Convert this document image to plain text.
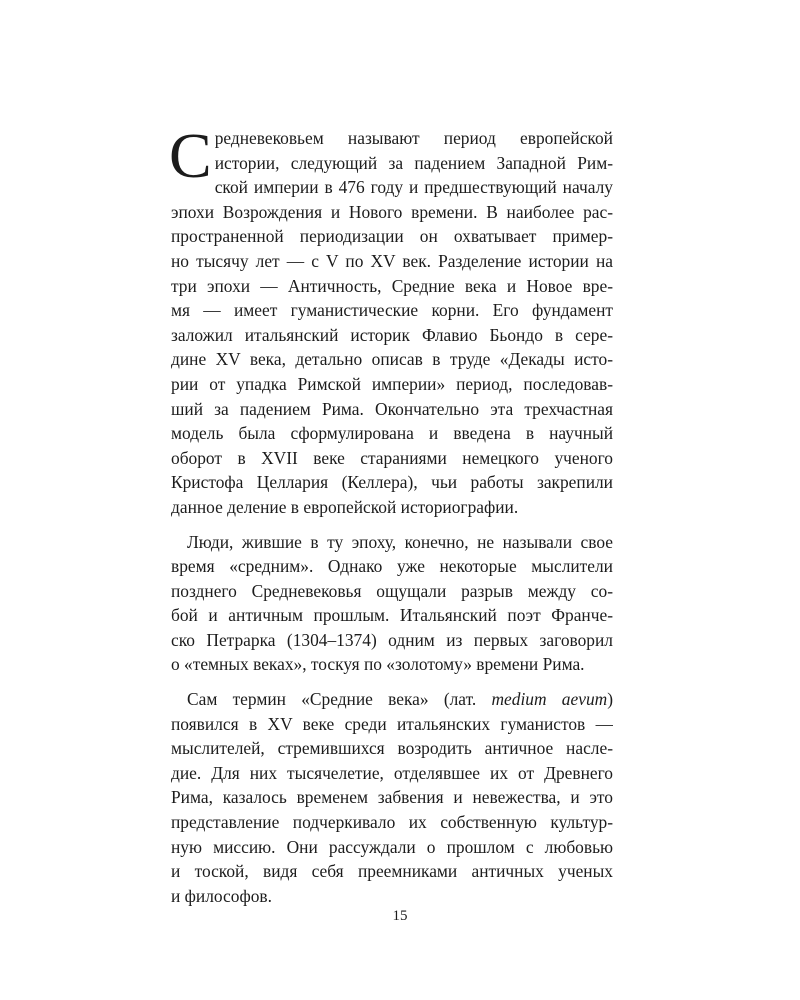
С редневековьем называют период европейской
истории, следующий за падением Западной Рим-
ской империи в 476 году и предшествующий началу
эпохи Возрождения и Нового времени. В наиболее рас-
пространенной периодизации он охватывает пример-
но тысячу лет — с V по XV век. Разделение истории на
три эпохи — Античность, Средние века и Новое вре-
мя — имеет гуманистические корни. Его фундамент
заложил итальянский историк Флавио Бьондо в сере-
дине XV века, детально описав в труде «Декады исто-
рии от упадка Римской империи» период, последовав-
ший за падением Рима. Окончательно эта трехчастная
модель была сформулирована и введена в научный
оборот в XVII веке стараниями немецкого ученого
Кристофа Целлария (Келлера), чьи работы закрепили
данное деление в европейской историографии.
Люди, жившие в ту эпоху, конечно, не называли свое
время «средним». Однако уже некоторые мыслители
позднего Средневековья ощущали разрыв между со-
бой и античным прошлым. Итальянский поэт Франче-
ско Петрарка (1304–1374) одним из первых заговорил
о «темных веках», тоскуя по «золотому» времени Рима.
Сам термин «Средние века» (лат. medium aevum)
появился в XV веке среди итальянских гуманистов —
мыслителей, стремившихся возродить античное насле-
дие. Для них тысячелетие, отделявшее их от Древнего
Рима, казалось временем забвения и невежества, и это
представление подчеркивало их собственную культур-
ную миссию. Они рассуждали о прошлом с любовью
и тоской, видя себя преемниками античных ученых
и философов.
15
